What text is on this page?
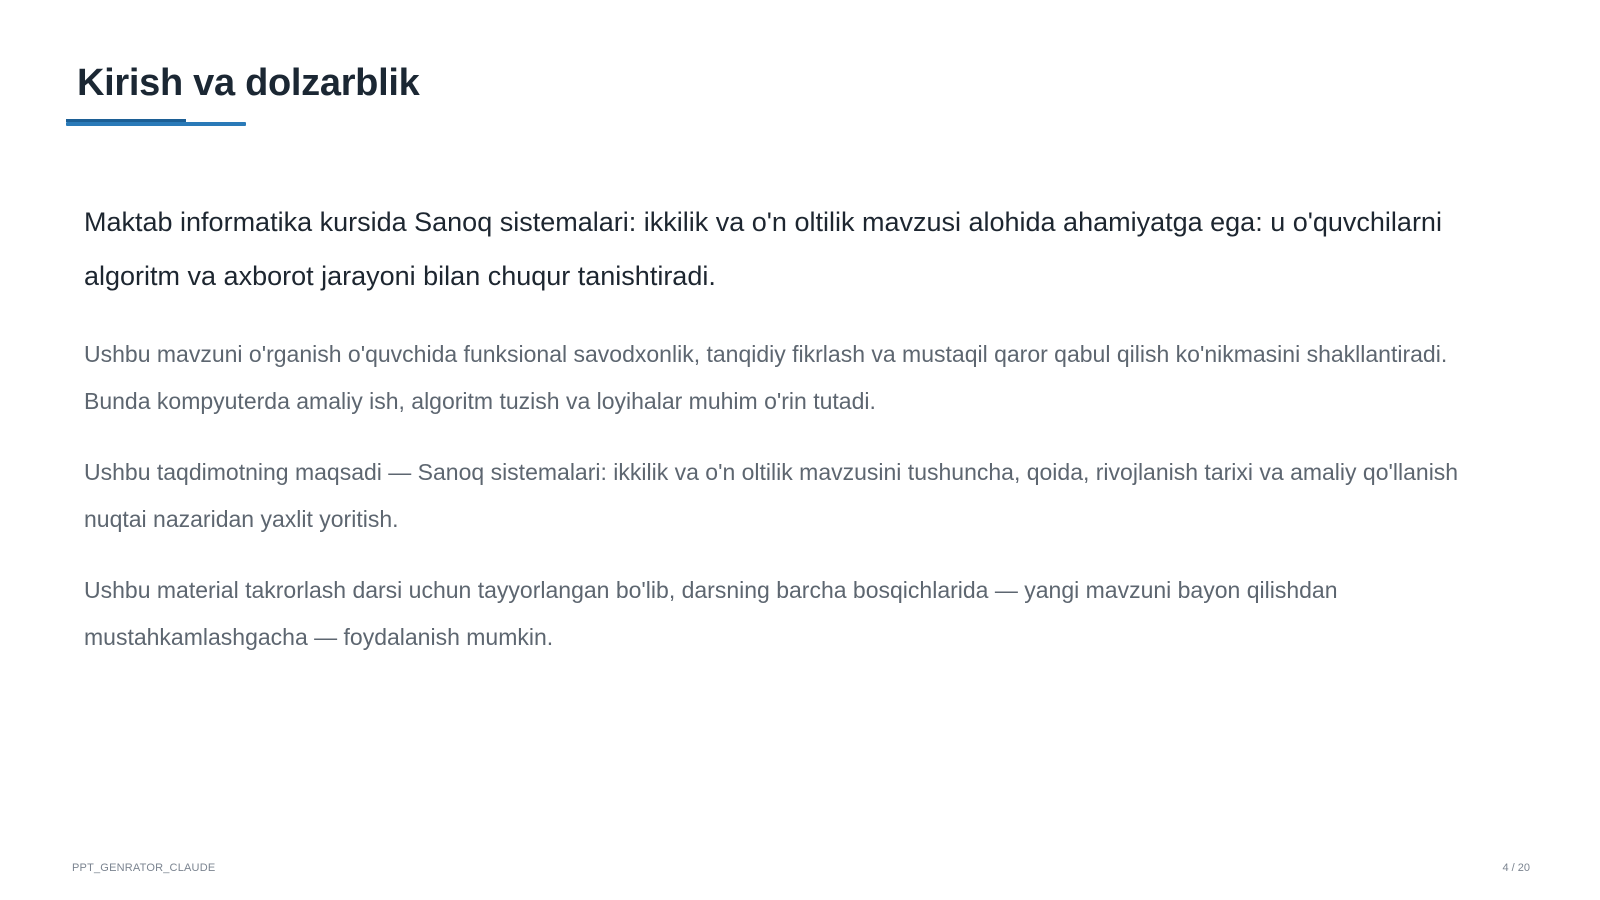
Kirish va dolzarblik

Maktab informatika kursida Sanoq sistemalari: ikkilik va o'n oltilik mavzusi alohida ahamiyatga ega: u o'quvchilarni algoritm va axborot jarayoni bilan chuqur tanishtiradi.

Ushbu mavzuni o'rganish o'quvchida funksional savodxonlik, tanqidiy fikrlash va mustaqil qaror qabul qilish ko'nikmasini shakllantiradi. Bunda kompyuterda amaliy ish, algoritm tuzish va loyihalar muhim o'rin tutadi.

Ushbu taqdimotning maqsadi — Sanoq sistemalari: ikkilik va o'n oltilik mavzusini tushuncha, qoida, rivojlanish tarixi va amaliy qo'llanish nuqtai nazaridan yaxlit yoritish.

Ushbu material takrorlash darsi uchun tayyorlangan bo'lib, darsning barcha bosqichlarida — yangi mavzuni bayon qilishdan mustahkamlashgacha — foydalanish mumkin.

PPT_GENRATOR_CLAUDE	4 / 20
